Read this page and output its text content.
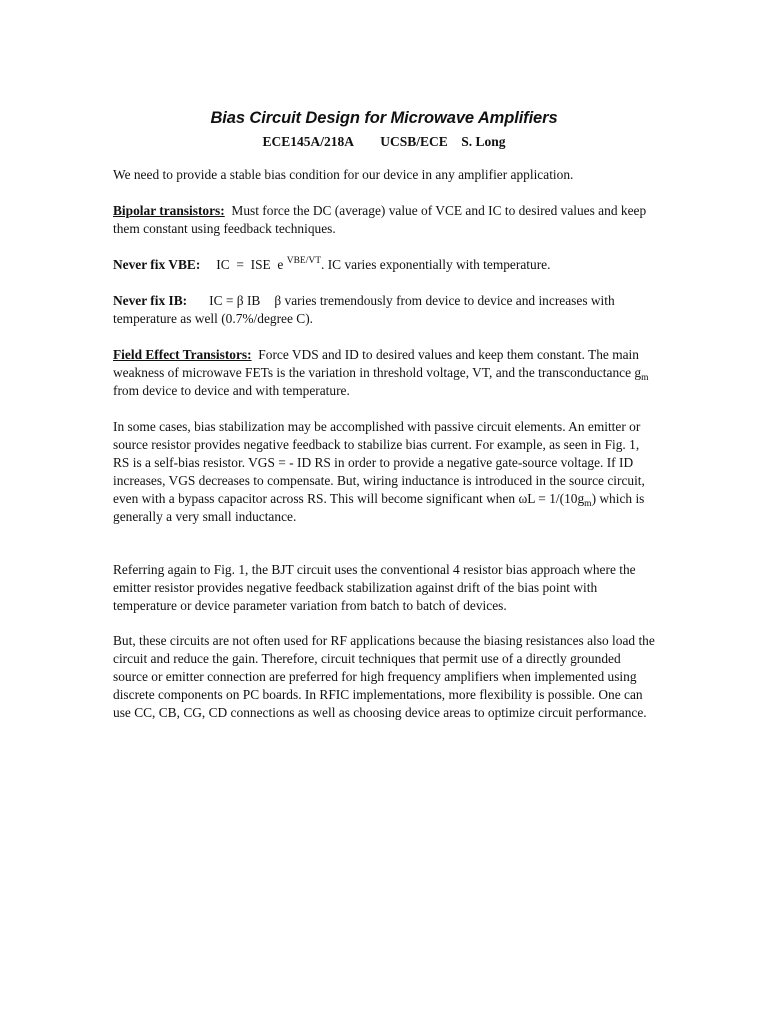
Bias Circuit Design for Microwave Amplifiers
ECE145A/218A        UCSB/ECE    S. Long

We need to provide a stable bias condition for our device in any amplifier application.

Bipolar transistors: Must force the DC (average) value of VCE and IC to desired values and keep them constant using feedback techniques.

Never fix VBE: IC  =  ISE  e $^{VBE/VT}$. IC varies exponentially with temperature.

Never fix IB: IC = β IB β varies tremendously from device to device and increases with temperature as well (0.7%/degree C).

Field Effect Transistors: Force VDS and ID to desired values and keep them constant. The main weakness of microwave FETs is the variation in threshold voltage, VT, and the transconductance $g_m$ from device to device and with temperature.

In some cases, bias stabilization may be accomplished with passive circuit elements. An emitter or source resistor provides negative feedback to stabilize bias current. For example, as seen in Fig. 1, RS is a self-bias resistor. VGS = - ID RS in order to provide a negative gate-source voltage. If ID increases, VGS decreases to compensate. But, wiring inductance is introduced in the source circuit, even with a bypass capacitor across RS. This will become significant when $\omega L = 1/(10g_m)$ which is generally a very small inductance.

Referring again to Fig. 1, the BJT circuit uses the conventional 4 resistor bias approach where the emitter resistor provides negative feedback stabilization against drift of the bias point with temperature or device parameter variation from batch to batch of devices.

But, these circuits are not often used for RF applications because the biasing resistances also load the circuit and reduce the gain. Therefore, circuit techniques that permit use of a directly grounded source or emitter connection are preferred for high frequency amplifiers when implemented using discrete components on PC boards. In RFIC implementations, more flexibility is possible. One can use CC, CB, CG, CD connections as well as choosing device areas to optimize circuit performance.
